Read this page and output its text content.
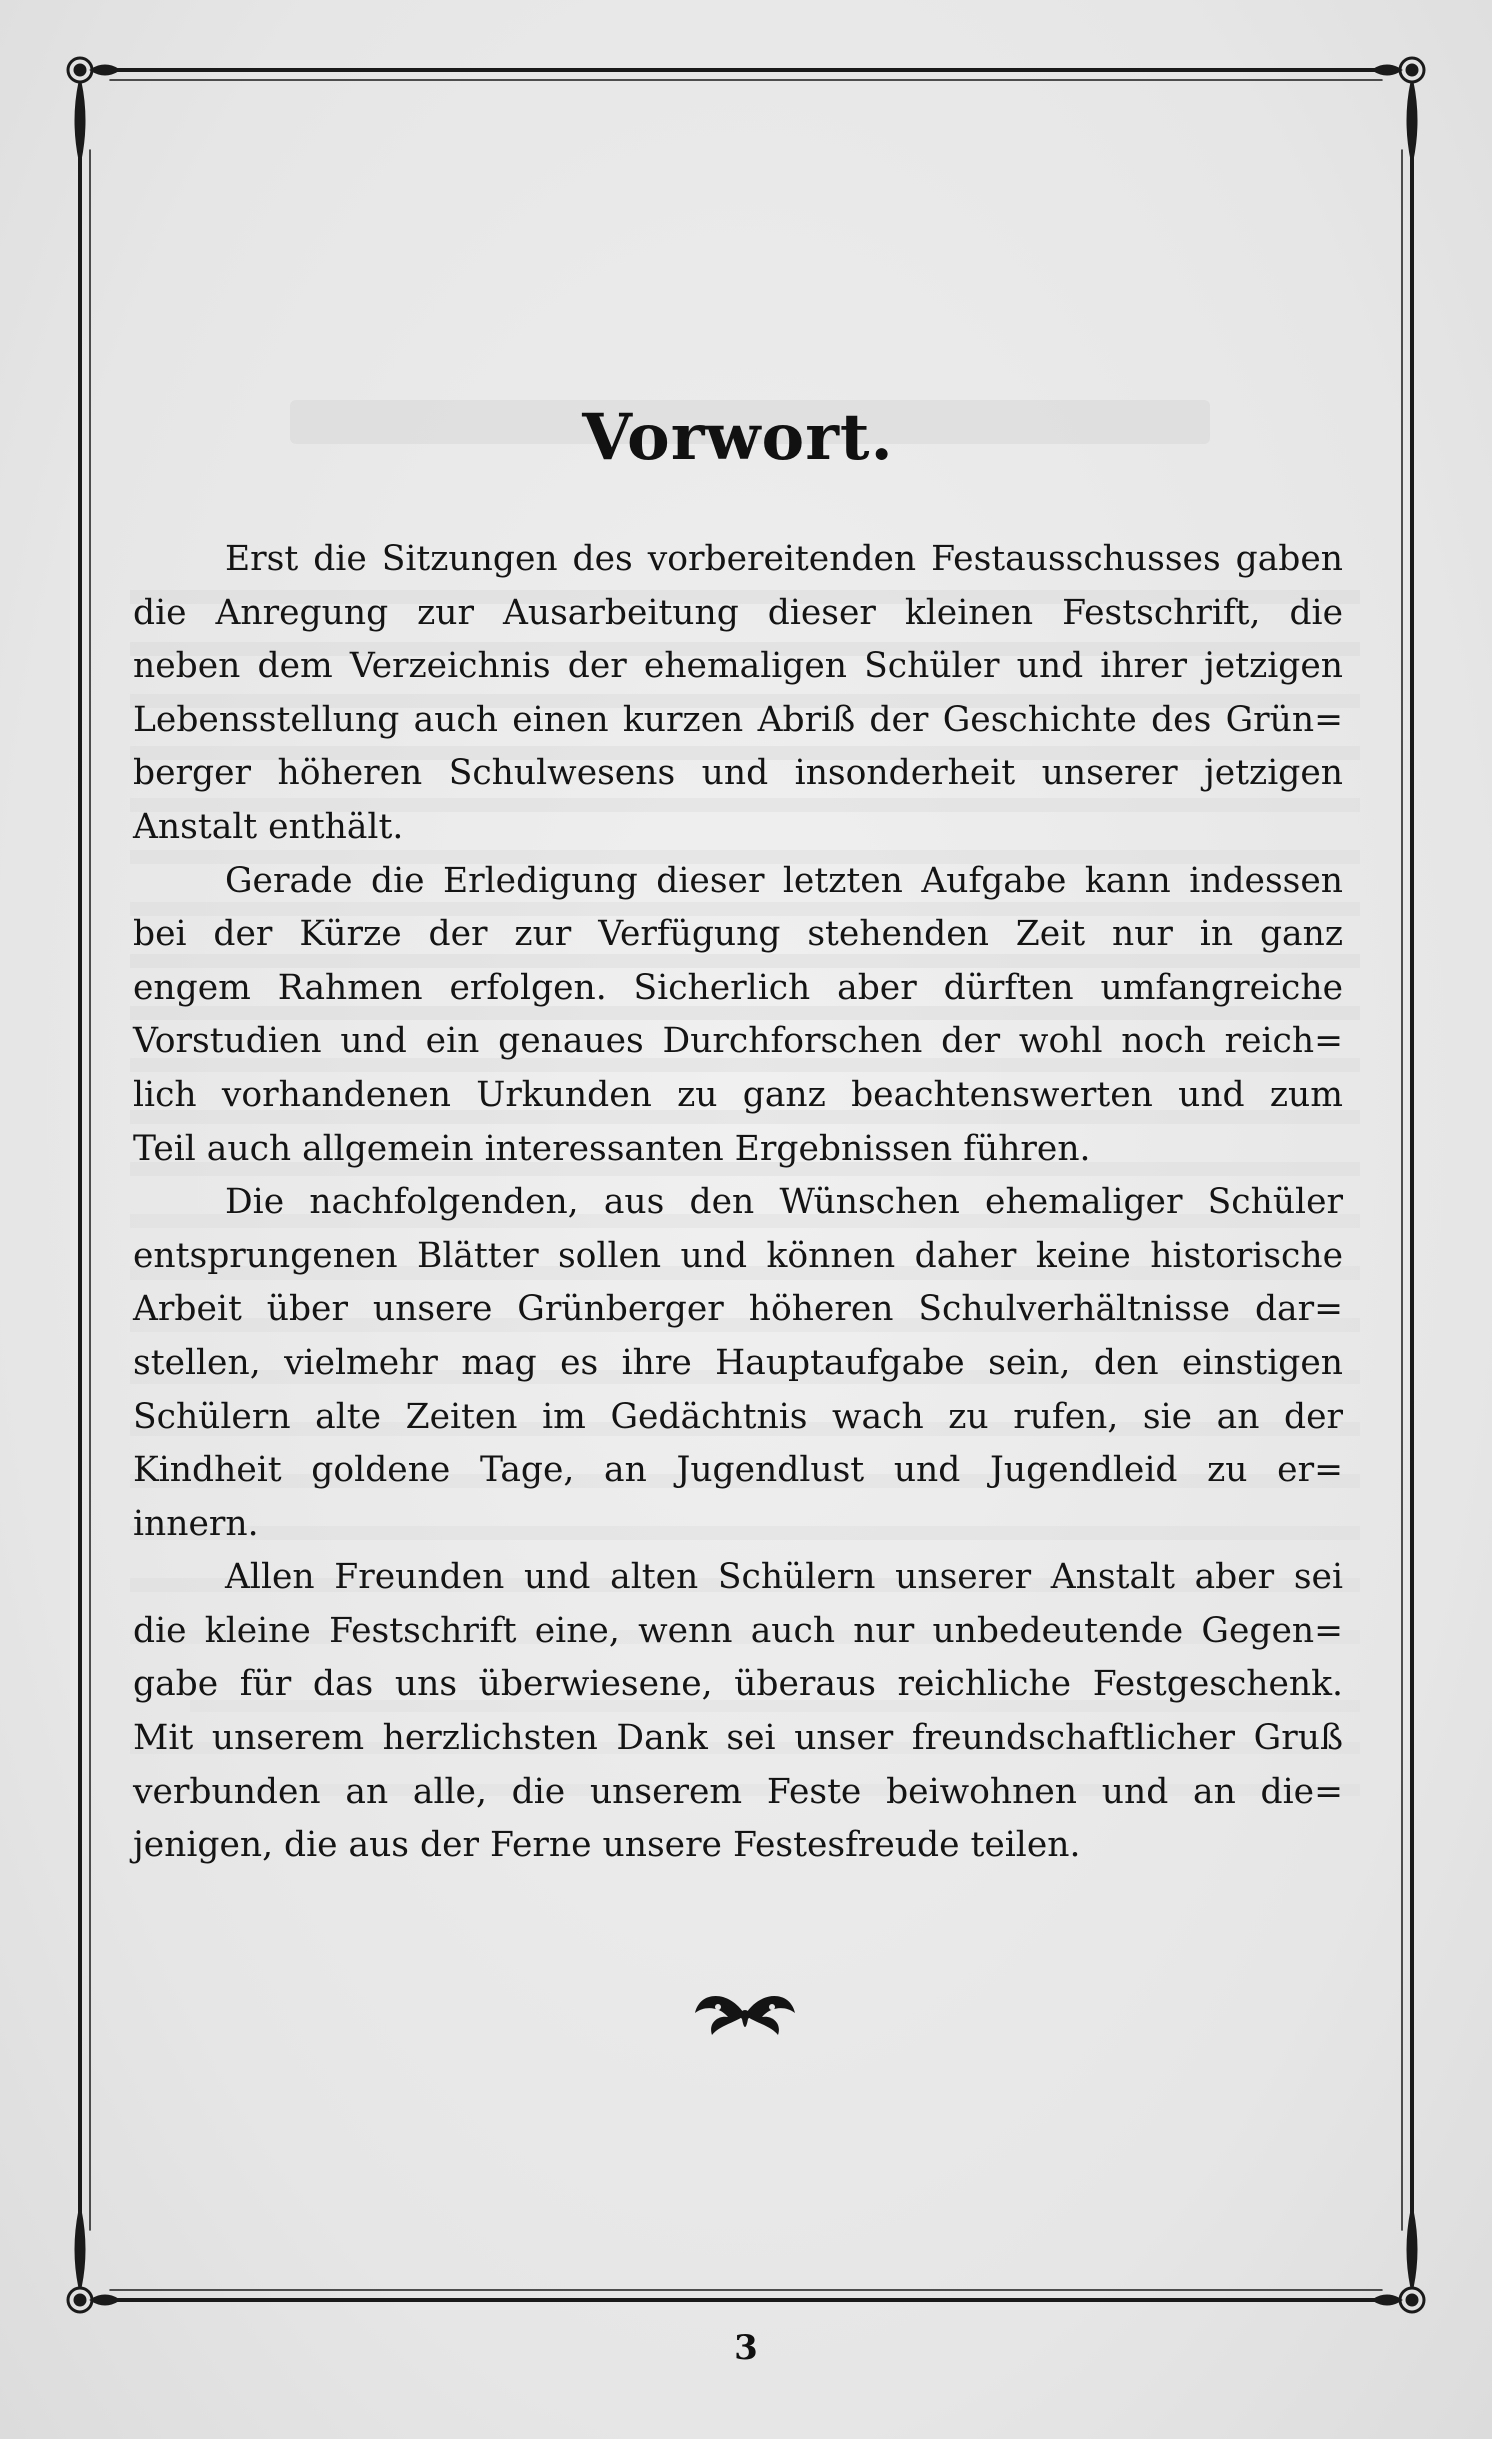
Vorwort.
Erst die Sitzungen des vorbereitenden Festausschusses gaben
die Anregung zur Ausarbeitung dieser kleinen Festschrift, die
neben dem Verzeichnis der ehemaligen Schüler und ihrer jetzigen
Lebensstellung auch einen kurzen Abriß der Geschichte des Grün=
berger höheren Schulwesens und insonderheit unserer jetzigen
Anstalt enthält.
Gerade die Erledigung dieser letzten Aufgabe kann indessen
bei der Kürze der zur Verfügung stehenden Zeit nur in ganz
engem Rahmen erfolgen. Sicherlich aber dürften umfangreiche
Vorstudien und ein genaues Durchforschen der wohl noch reich=
lich vorhandenen Urkunden zu ganz beachtenswerten und zum
Teil auch allgemein interessanten Ergebnissen führen.
Die nachfolgenden, aus den Wünschen ehemaliger Schüler
entsprungenen Blätter sollen und können daher keine historische
Arbeit über unsere Grünberger höheren Schulverhältnisse dar=
stellen, vielmehr mag es ihre Hauptaufgabe sein, den einstigen
Schülern alte Zeiten im Gedächtnis wach zu rufen, sie an der
Kindheit goldene Tage, an Jugendlust und Jugendleid zu er=
innern.
Allen Freunden und alten Schülern unserer Anstalt aber sei
die kleine Festschrift eine, wenn auch nur unbedeutende Gegen=
gabe für das uns überwiesene, überaus reichliche Festgeschenk.
Mit unserem herzlichsten Dank sei unser freundschaftlicher Gruß
verbunden an alle, die unserem Feste beiwohnen und an die=
jenigen, die aus der Ferne unsere Festesfreude teilen.
3
